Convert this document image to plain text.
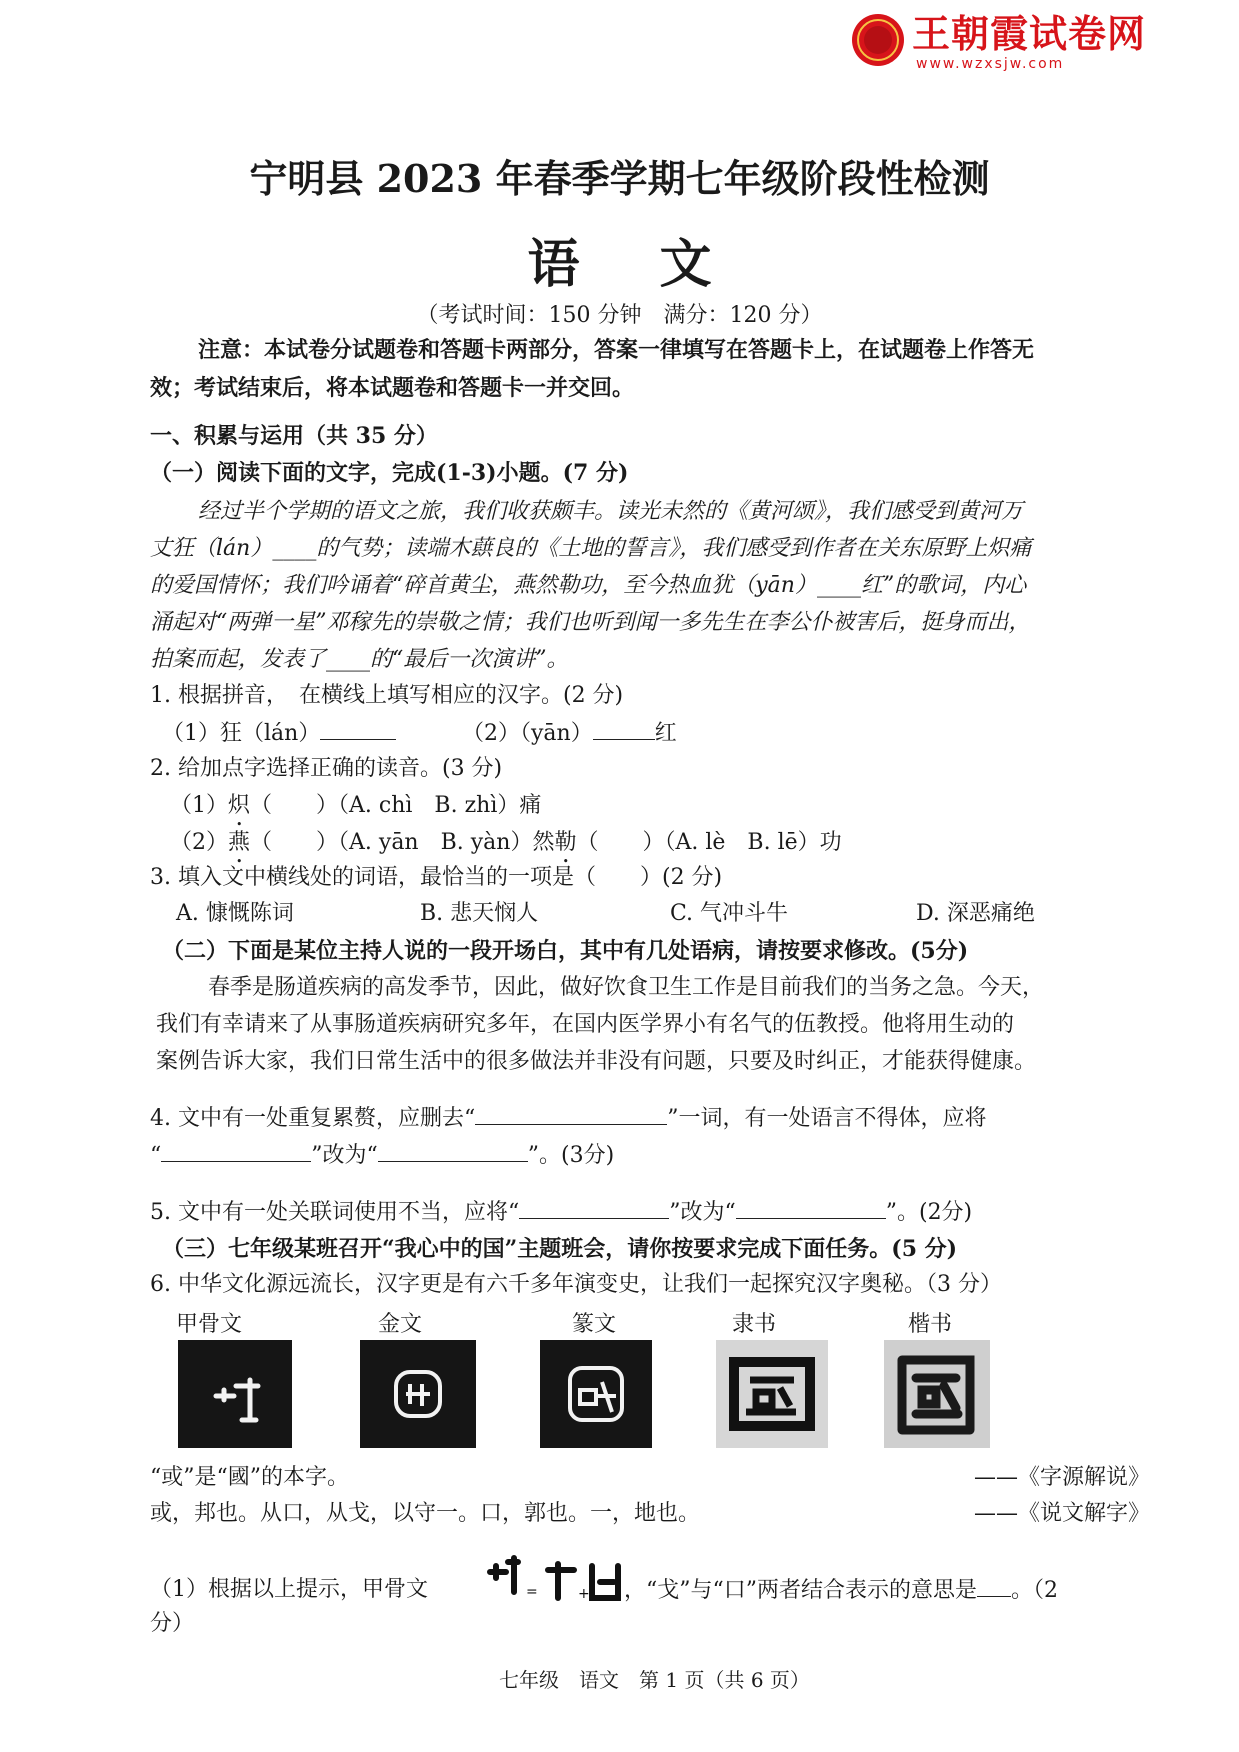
王朝霞试卷网
www.wzxsjw.com
宁明县 2023 年春季学期七年级阶段性检测
语文
（考试时间：150 分钟　满分：120 分）
注意：本试卷分试题卷和答题卡两部分，答案一律填写在答题卡上，在试题卷上作答无
效；考试结束后，将本试题卷和答题卡一并交回。
一、积累与运用（共 35 分）
（一）阅读下面的文字，完成(1-3)小题。(7 分)
经过半个学期的语文之旅，我们收获颇丰。读光未然的《黄河颂》，我们感受到黄河万
丈狂（lán）____的气势；读端木蕻良的《土地的誓言》，我们感受到作者在关东原野上炽痛
的爱国情怀；我们吟诵着“碎首黄尘，燕然勒功，至今热血犹（yān）____红”的歌词，内心
涌起对“两弹一星”邓稼先的崇敬之情；我们也听到闻一多先生在李公仆被害后，挺身而出，
拍案而起，发表了____的“最后一次演讲”。
1. 根据拼音，　在横线上填写相应的汉字。(2 分)
（1）狂（lán）	（2）（yān）	红
2. 给加点字选择正确的读音。(3 分)
（1）炽（　　）（A. chì　B. zhì）痛
（2）燕（　　）（A. yān　B. yàn）然勒（　　）（A. lè　B. lē）功
3. 填入文中横线处的词语，最恰当的一项是（　　）(2 分)
A. 慷慨陈词	B. 悲天悯人	C. 气冲斗牛	D. 深恶痛绝
（二）下面是某位主持人说的一段开场白，其中有几处语病，请按要求修改。(5分)
春季是肠道疾病的高发季节，因此，做好饮食卫生工作是目前我们的当务之急。今天，
我们有幸请来了从事肠道疾病研究多年，在国内医学界小有名气的伍教授。他将用生动的
案例告诉大家，我们日常生活中的很多做法并非没有问题，只要及时纠正，才能获得健康。
4. 文中有一处重复累赘，应删去“	”一词，有一处语言不得体，应将
“	”改为“	”。(3分)
5. 文中有一处关联词使用不当，应将“	”改为“	”。(2分)
（三）七年级某班召开“我心中的国”主题班会，请你按要求完成下面任务。(5 分)
6. 中华文化源远流长，汉字更是有六千多年演变史，让我们一起探究汉字奥秘。（3 分）
甲骨文	金文	篆文	隶书	楷书
“或”是“國”的本字。	——《字源解说》
或，邦也。从口，从戈，以守一。口，郭也。一，地也。	——《说文解字》
（1）根据以上提示，甲骨文	=	+ ，“戈”与“口”两者结合表示的意思是 。（2
分）
七年级　语文　第 1 页（共 6 页）
